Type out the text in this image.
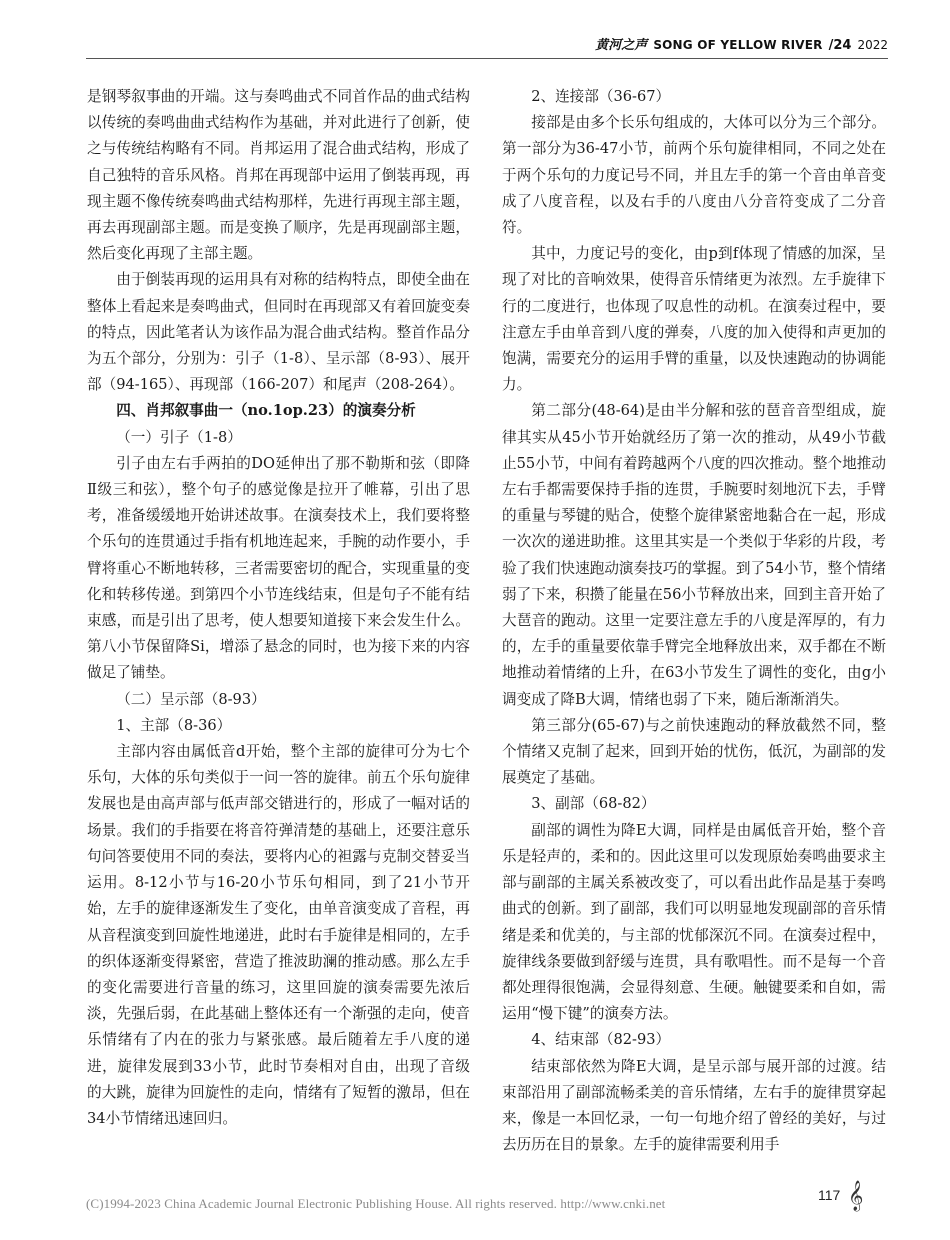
黄河之声 SONG OF YELLOW RIVER /24 2022

是钢琴叙事曲的开端。这与奏鸣曲式不同首作品的曲式结构以传统的奏鸣曲曲式结构作为基础，并对此进行了创新，使之与传统结构略有不同。肖邦运用了混合曲式结构，形成了自己独特的音乐风格。肖邦在再现部中运用了倒装再现，再现主题不像传统奏鸣曲式结构那样，先进行再现主部主题，再去再现副部主题。而是变换了顺序，先是再现副部主题，然后变化再现了主部主题。

由于倒装再现的运用具有对称的结构特点，即使全曲在整体上看起来是奏鸣曲式，但同时在再现部又有着回旋变奏的特点，因此笔者认为该作品为混合曲式结构。整首作品分为五个部分，分别为：引子（1-8）、呈示部（8-93）、展开部（94-165）、再现部（166-207）和尾声（208-264）。

四、肖邦叙事曲一（no.1op.23）的演奏分析

（一）引子（1-8）

引子由左右手两拍的DO延伸出了那不勒斯和弦（即降Ⅱ级三和弦），整个句子的感觉像是拉开了帷幕，引出了思考，准备缓缓地开始讲述故事。在演奏技术上，我们要将整个乐句的连贯通过手指有机地连起来，手腕的动作要小，手臂将重心不断地转移，三者需要密切的配合，实现重量的变化和转移传递。到第四个小节连线结束，但是句子不能有结束感，而是引出了思考，使人想要知道接下来会发生什么。第八小节保留降Si，增添了悬念的同时，也为接下来的内容做足了铺垫。

（二）呈示部（8-93）

1、主部（8-36）

主部内容由属低音d开始，整个主部的旋律可分为七个乐句，大体的乐句类似于一问一答的旋律。前五个乐句旋律发展也是由高声部与低声部交错进行的，形成了一幅对话的场景。我们的手指要在将音符弹清楚的基础上，还要注意乐句问答要使用不同的奏法，要将内心的袒露与克制交替妥当运用。8-12小节与16-20小节乐句相同，到了21小节开始，左手的旋律逐渐发生了变化，由单音演变成了音程，再从音程演变到回旋性地递进，此时右手旋律是相同的，左手的织体逐渐变得紧密，营造了推波助澜的推动感。那么左手的变化需要进行音量的练习，这里回旋的演奏需要先浓后淡，先强后弱，在此基础上整体还有一个渐强的走向，使音乐情绪有了内在的张力与紧张感。最后随着左手八度的递进，旋律发展到33小节，此时节奏相对自由，出现了音级的大跳，旋律为回旋性的走向，情绪有了短暂的激昂，但在34小节情绪迅速回归。

2、连接部（36-67）

接部是由多个长乐句组成的，大体可以分为三个部分。第一部分为36-47小节，前两个乐句旋律相同，不同之处在于两个乐句的力度记号不同，并且左手的第一个音由单音变成了八度音程，以及右手的八度由八分音符变成了二分音符。

其中，力度记号的变化，由p到f体现了情感的加深，呈现了对比的音响效果，使得音乐情绪更为浓烈。左手旋律下行的二度进行，也体现了叹息性的动机。在演奏过程中，要注意左手由单音到八度的弹奏，八度的加入使得和声更加的饱满，需要充分的运用手臂的重量，以及快速跑动的协调能力。

第二部分(48-64)是由半分解和弦的琶音音型组成，旋律其实从45小节开始就经历了第一次的推动，从49小节截止55小节，中间有着跨越两个八度的四次推动。整个地推动左右手都需要保持手指的连贯，手腕要时刻地沉下去，手臂的重量与琴键的贴合，使整个旋律紧密地黏合在一起，形成一次次的递进助推。这里其实是一个类似于华彩的片段，考验了我们快速跑动演奏技巧的掌握。到了54小节，整个情绪弱了下来，积攒了能量在56小节释放出来，回到主音开始了大琶音的跑动。这里一定要注意左手的八度是浑厚的，有力的，左手的重量要依靠手臂完全地释放出来，双手都在不断地推动着情绪的上升，在63小节发生了调性的变化，由g小调变成了降B大调，情绪也弱了下来，随后渐渐消失。

第三部分(65-67)与之前快速跑动的释放截然不同，整个情绪又克制了起来，回到开始的忧伤，低沉，为副部的发展奠定了基础。

3、副部（68-82）

副部的调性为降E大调，同样是由属低音开始，整个音乐是轻声的，柔和的。因此这里可以发现原始奏鸣曲要求主部与副部的主属关系被改变了，可以看出此作品是基于奏鸣曲式的创新。到了副部，我们可以明显地发现副部的音乐情绪是柔和优美的，与主部的忧郁深沉不同。在演奏过程中，旋律线条要做到舒缓与连贯，具有歌唱性。而不是每一个音都处理得很饱满，会显得刻意、生硬。触键要柔和自如，需运用“慢下键”的演奏方法。

4、结束部（82-93）

结束部依然为降E大调，是呈示部与展开部的过渡。结束部沿用了副部流畅柔美的音乐情绪，左右手的旋律贯穿起来，像是一本回忆录，一句一句地介绍了曾经的美好，与过去历历在目的景象。左手的旋律需要利用手

(C)1994-2023 China Academic Journal Electronic Publishing House. All rights reserved. http://www.cnki.net
117 𝄞
